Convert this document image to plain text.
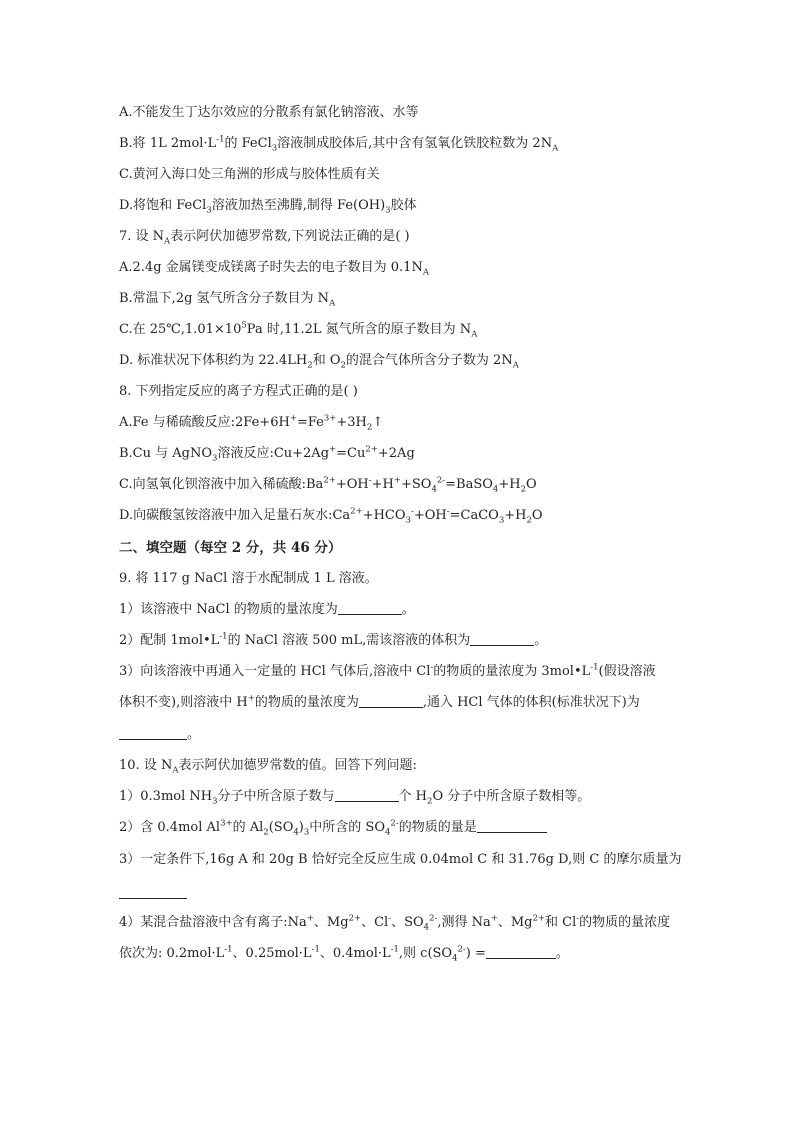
A.不能发生丁达尔效应的分散系有氯化钠溶液、水等
B.将 1L $2mol\cdot L^{-1}$的 FeCl$_3$溶液制成胶体后,其中含有氢氧化铁胶粒数为 $2N_A$
C.黄河入海口处三角洲的形成与胶体性质有关
D.将饱和 FeCl$_3$溶液加热至沸腾,制得 $Fe(OH)_3$胶体
7. 设 $N_A$表示阿伏加德罗常数,下列说法正确的是( )
A.2.4g 金属镁变成镁离子时失去的电子数目为 $0.1N_A$
B.常温下,2g 氢气所含分子数目为 $N_A$
C.在 $25℃,1.01\times 10^5Pa$ 时,11.2L 氮气所含的原子数目为 $N_A$
D. 标准状况下体积约为 $22.4LH_2$和 $O_2$的混合气体所含分子数为 $2N_A$
8. 下列指定反应的离子方程式正确的是( )
A.Fe 与稀硫酸反应$:2Fe+6H^+=Fe^{3+}+3H_2↑$
B.Cu 与 AgNO$_3$溶液反应$:Cu+2Ag^+=Cu^{2+}+2Ag$
C.向氢氧化钡溶液中加入稀硫酸$:Ba^{2+}+OH^-+H^++SO_4^{2-}=BaSO_4+H_2O$
D.向碳酸氢铵溶液中加入足量石灰水$:Ca^{2+}+HCO_3^-+OH^-=CaCO_3+H_2O$
二、填空题（每空 2 分，共 46 分）
9. 将 117 g NaCl 溶于水配制成 1 L 溶液。
1）该溶液中 NaCl 的物质的量浓度为	。
2）配制 $1mol•L^{-1}$的 NaCl 溶液 500 mL,需该溶液的体积为	。
3）向该溶液中再通入一定量的 HCl 气体后,溶液中 Cl-的物质的量浓度为 $3mol•L^{-1}$(假设溶液
体积不变),则溶液中 H+的物质的量浓度为	,通入 HCl 气体的体积(标准状况下)为
。
10. 设 $N_A$表示阿伏加德罗常数的值。回答下列问题:
1）0.3mol $NH_3$分子中所含原子数与	个 $H_2O$ 分子中所含原子数相等。
2）含 0.4mol $Al^{3+}$的 $Al_2(SO_4)_3$中所含的 $SO_4^{2-}$的物质的量是
3）一定条件下,16g A 和 20g B 恰好完全反应生成 0.04mol C 和 31.76g D,则 C 的摩尔质量为
4）某混合盐溶液中含有离子:Na+、$Mg^{2+}$、Cl-、$SO_4^{2-}$,测得 Na+、$Mg^{2+}$和 Cl-的物质的量浓度
依次为: $0.2mol\cdot L^{-1}$、$0.25mol\cdot L^{-1}$、$0.4mol\cdot L^{-1}$,则 $c(SO_4^{2-})$ =	。
